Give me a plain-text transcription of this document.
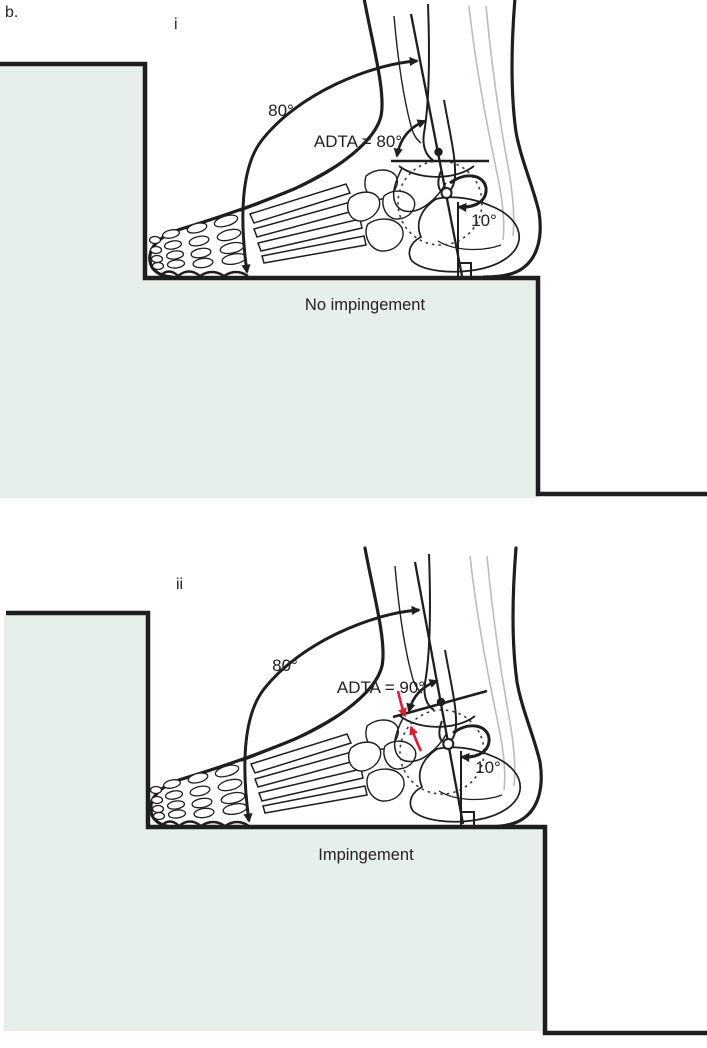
i
80°
ADTA = 80°
10°
No impingement
ii
80°
ADTA = 90°
10°
Impingement
b.
